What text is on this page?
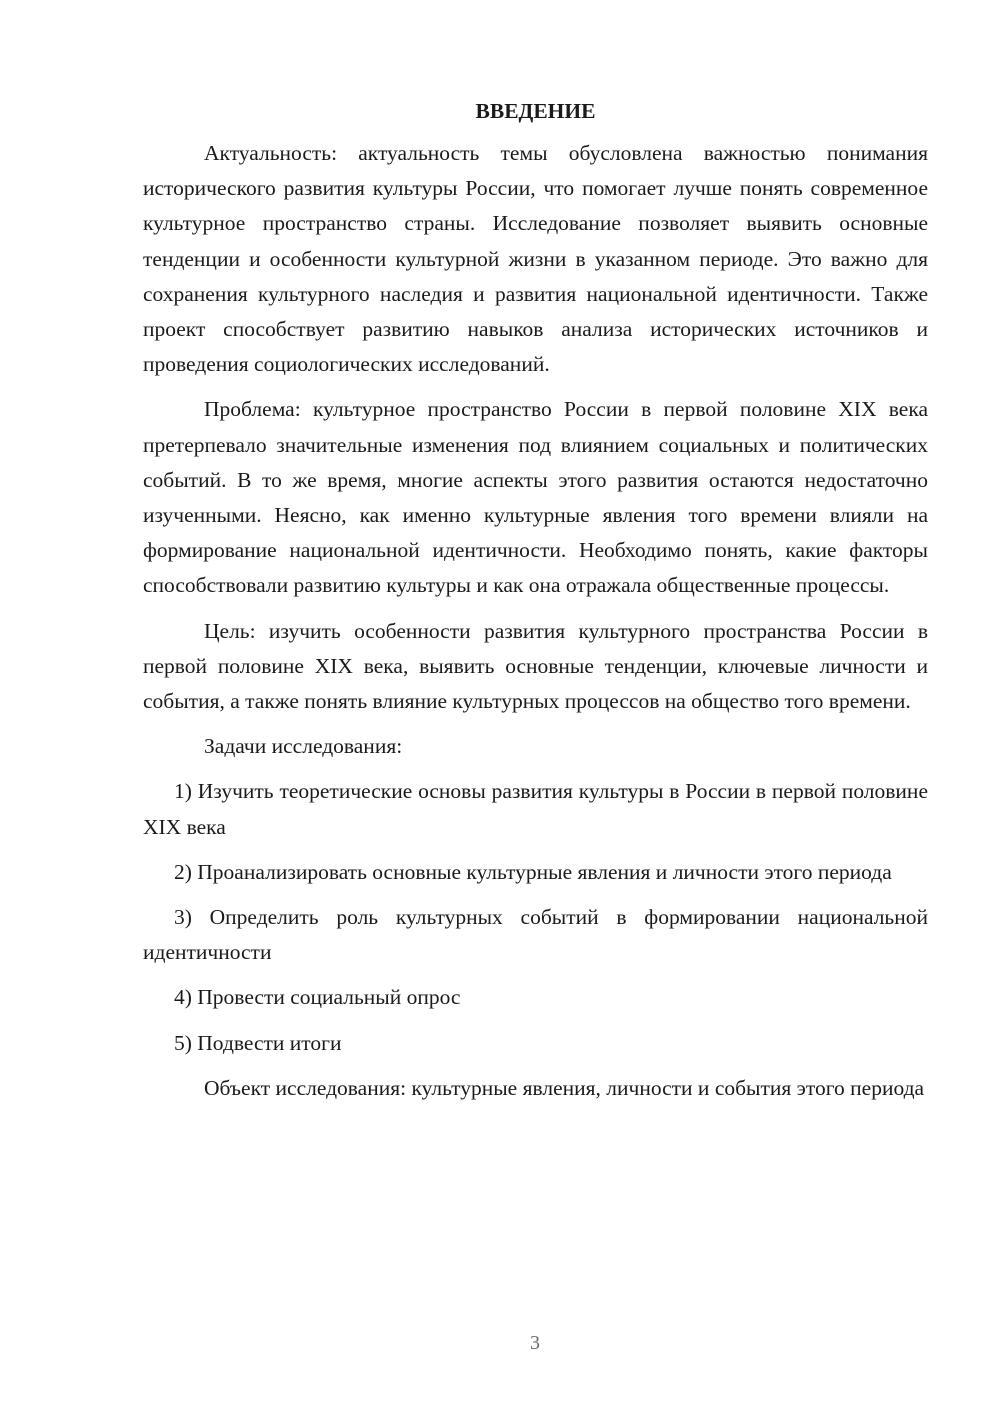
ВВЕДЕНИЕ

Актуальность: актуальность темы обусловлена важностью понимания исторического развития культуры России, что помогает лучше понять современное культурное пространство страны. Исследование позволяет выявить основные тенденции и особенности культурной жизни в указанном периоде. Это важно для сохранения культурного наследия и развития национальной идентичности. Также проект способствует развитию навыков анализа исторических источников и проведения социологических исследований.

Проблема: культурное пространство России в первой половине XIX века претерпевало значительные изменения под влиянием социальных и политических событий. В то же время, многие аспекты этого развития остаются недостаточно изученными. Неясно, как именно культурные явления того времени влияли на формирование национальной идентичности. Необходимо понять, какие факторы способствовали развитию культуры и как она отражала общественные процессы.

Цель: изучить особенности развития культурного пространства России в первой половине XIX века, выявить основные тенденции, ключевые личности и события, а также понять влияние культурных процессов на общество того времени.

Задачи исследования:

1) Изучить теоретические основы развития культуры в России в первой половине XIX века

2) Проанализировать основные культурные явления и личности этого периода

3) Определить роль культурных событий в формировании национальной идентичности

4) Провести социальный опрос

5) Подвести итоги

Объект исследования: культурные явления, личности и события этого периода

3
